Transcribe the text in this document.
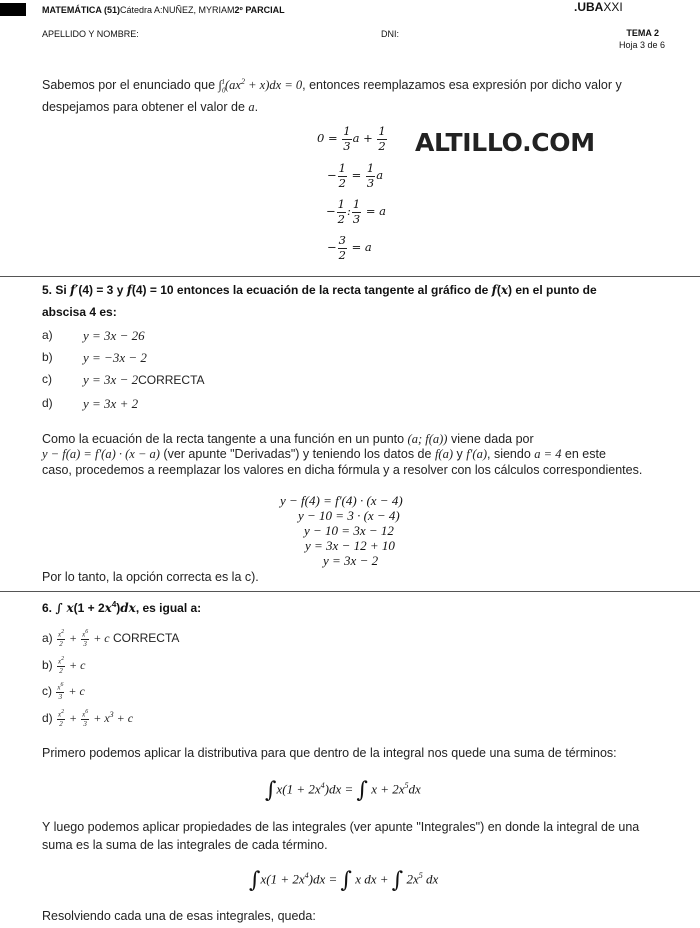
MATEMÁTICA (51)Cátedra A:NUÑEZ, MYRIAM2º PARCIAL	.UBAXXI
APELLIDO Y NOMBRE:	DNI:	TEMA 2
Hoja 3 de 6
Sabemos por el enunciado que $\int_0^1(ax^2 + x)dx = 0$, entonces reemplazamos esa expresión por dicho valor y
despejamos para obtener el valor de a.
$0 = \frac{1}{3}$ $a + \frac{1}{2}$ ALTILLO.COM
− $\frac{1}{2} = \frac{1}{3}$ a
− $\frac{1}{2}$ : $\frac{1}{3} = a$
− $\frac{3}{2} = a$
5. Si f′(4) = 3 y f(4) = 10 entonces la ecuación de la recta tangente al gráfico de f(x) en el punto de
abscisa 4 es:
a) y = 3x − 26
b) y = −3x − 2
c) y = 3x − 2CORRECTA
d) y = 3x + 2
Como la ecuación de la recta tangente a una función en un punto (a; f(a)) viene dada por
y − f(a) = f′(a) · (x − a) (ver apunte "Derivadas") y teniendo los datos de f(a) y f′(a), siendo a = 4 en este
caso, procedemos a reemplazar los valores en dicha fórmula y a resolver con los cálculos correspondientes.
y − f(4) = f′(4) · (x − 4)
y − 10 = 3 · (x − 4)
y − 10 = 3x − 12
y = 3x − 12 + 10
y = 3x − 2
Por lo tanto, la opción correcta es la c).
6. ∫ $x(1 + 2x^4)dx$, es igual a:
$a) \frac{x^2}{2} + \frac{x^6}{3} + c$ CORRECTA
$b) \frac{x^2}{2} + c$
$c) \frac{x^6}{3} + c$
$d) \frac{x^2}{2} + \frac{x^6}{3} + x^3 + c$
Primero podemos aplicar la distributiva para que dentro de la integral nos quede una suma de términos:
$\int x(1 + 2x^4)dx$ = ∫ $x + 2x^5dx$
Y luego podemos aplicar propiedades de las integrales (ver apunte "Integrales") en donde la integral de una
suma es la suma de las integrales de cada término.
$\int x(1 + 2x^4)dx$ = ∫ x dx + ∫ $2x^5$ dx
Resolviendo cada una de esas integrales, queda:
